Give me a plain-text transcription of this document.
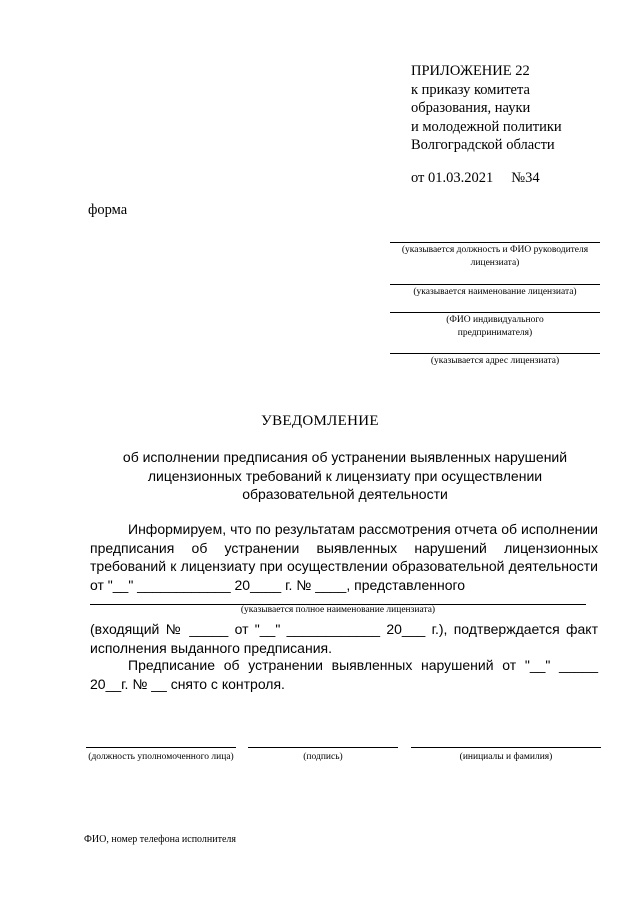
ПРИЛОЖЕНИЕ 22
к приказу комитета
образования, науки
и молодежной политики
Волгоградской области
от 01.03.2021 №34
форма
(указывается должность и ФИО руководителя лицензиата)
(указывается наименование лицензиата)
(ФИО индивидуального предпринимателя)
(указывается адрес лицензиата)
УВЕДОМЛЕНИЕ
об исполнении предписания об устранении выявленных нарушений лицензионных требований к лицензиату при осуществлении образовательной деятельности
Информируем, что по результатам рассмотрения отчета об исполнении предписания об устранении выявленных нарушений лицензионных требований к лицензиату при осуществлении образовательной деятельности от "__" ____________ 20____ г. № ____, представленного
(указывается полное наименование лицензиата)
(входящий № _____ от "__" ____________ 20___ г.), подтверждается факт исполнения выданного предписания.
Предписание об устранении выявленных нарушений от "__" _____ 20__г. № __ снято с контроля.
(должность уполномоченного лица)	(подпись)	(инициалы и фамилия)
ФИО, номер телефона исполнителя
